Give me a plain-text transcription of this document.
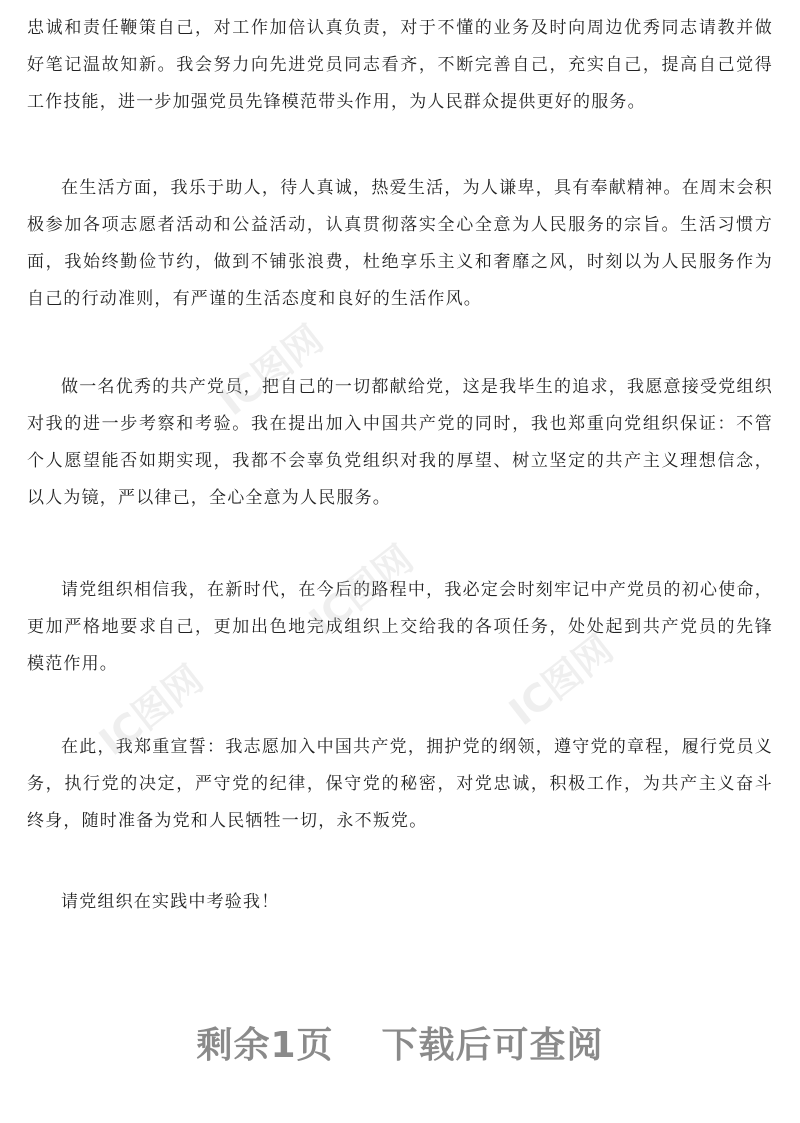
忠诚和责任鞭策自己，对工作加倍认真负责，对于不懂的业务及时向周边优秀同志请教并做好笔记温故知新。我会努力向先进党员同志看齐，不断完善自己，充实自己，提高自己觉得工作技能，进一步加强党员先锋模范带头作用，为人民群众提供更好的服务。

在生活方面，我乐于助人，待人真诚，热爱生活，为人谦卑，具有奉献精神。在周末会积极参加各项志愿者活动和公益活动，认真贯彻落实全心全意为人民服务的宗旨。生活习惯方面，我始终勤俭节约，做到不铺张浪费，杜绝享乐主义和奢靡之风，时刻以为人民服务作为自己的行动准则，有严谨的生活态度和良好的生活作风。

做一名优秀的共产党员，把自己的一切都献给党，这是我毕生的追求，我愿意接受党组织对我的进一步考察和考验。我在提出加入中国共产党的同时，我也郑重向党组织保证：不管个人愿望能否如期实现，我都不会辜负党组织对我的厚望、树立坚定的共产主义理想信念，以人为镜，严以律己，全心全意为人民服务。

请党组织相信我，在新时代，在今后的路程中，我必定会时刻牢记中产党员的初心使命，更加严格地要求自己，更加出色地完成组织上交给我的各项任务，处处起到共产党员的先锋模范作用。

在此，我郑重宣誓：我志愿加入中国共产党，拥护党的纲领，遵守党的章程，履行党员义务，执行党的决定，严守党的纪律，保守党的秘密，对党忠诚，积极工作，为共产主义奋斗终身，随时准备为党和人民牺牲一切，永不叛党。

请党组织在实践中考验我！

IC图网
IC图网
IC图网
IC图网
剩余1页 下载后可查阅
